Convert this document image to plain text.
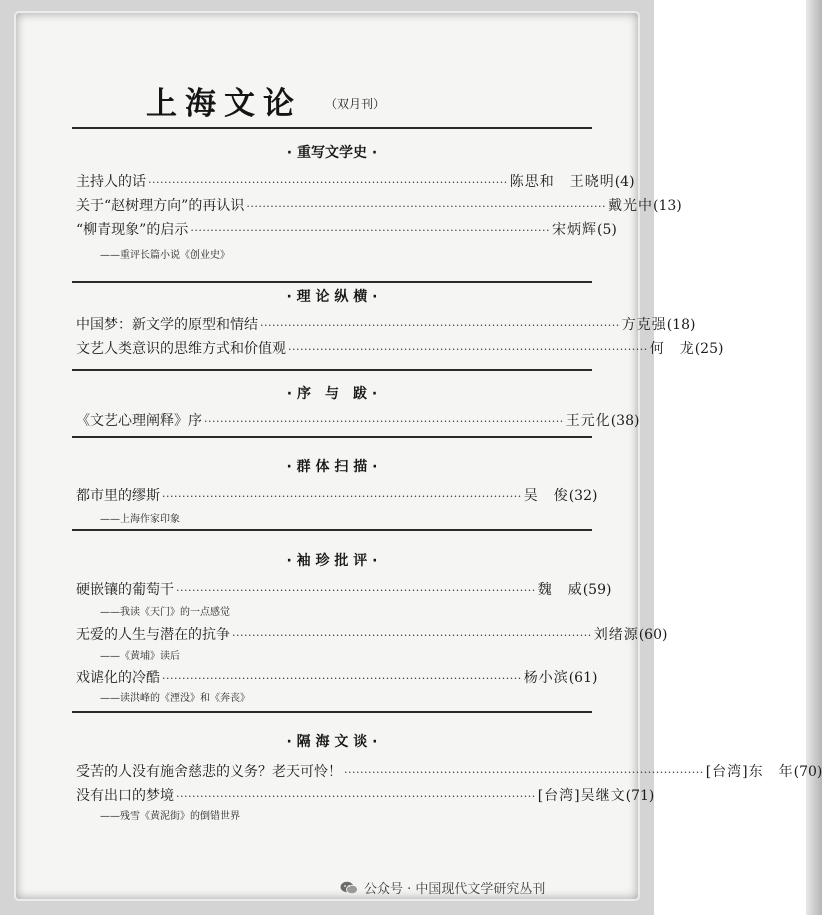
上海文论 （双月刊）
· 重写文学史 ·
主持人的话 ·························································································· 陈思和　王晓明 (4)
关于“赵树理方向”的再认识 ·························································································· 戴光中 (13)
“柳青现象”的启示 ·························································································· 宋炳辉 (5)
——重评长篇小说《创业史》
· 理 论 纵 横 ·
中国梦：新文学的原型和情结 ·························································································· 方克强 (18)
文艺人类意识的思维方式和价值观 ·························································································· 何　龙 (25)
· 序　与　跋 ·
《文艺心理阐释》序 ·························································································· 王元化 (38)
· 群 体 扫 描 ·
都市里的缪斯 ·························································································· 吴　俊 (32)
——上海作家印象
· 袖 珍 批 评 ·
硬嵌镶的葡萄干 ·························································································· 魏　威 (59)
——我读《天门》的一点感觉
无爱的人生与潜在的抗争 ·························································································· 刘绪源 (60)
——《黄埔》读后
戏谑化的冷酷 ·························································································· 杨小滨 (61)
——读洪峰的《湮没》和《奔丧》
· 隔 海 文 谈 ·
受苦的人没有施舍慈悲的义务？老天可怜！ ·························································································· [台湾]东　年 (70)
没有出口的梦境 ·························································································· [台湾]吴继文 (71)
——残雪《黄泥街》的倒错世界
公众号 · 中国现代文学研究丛刊
